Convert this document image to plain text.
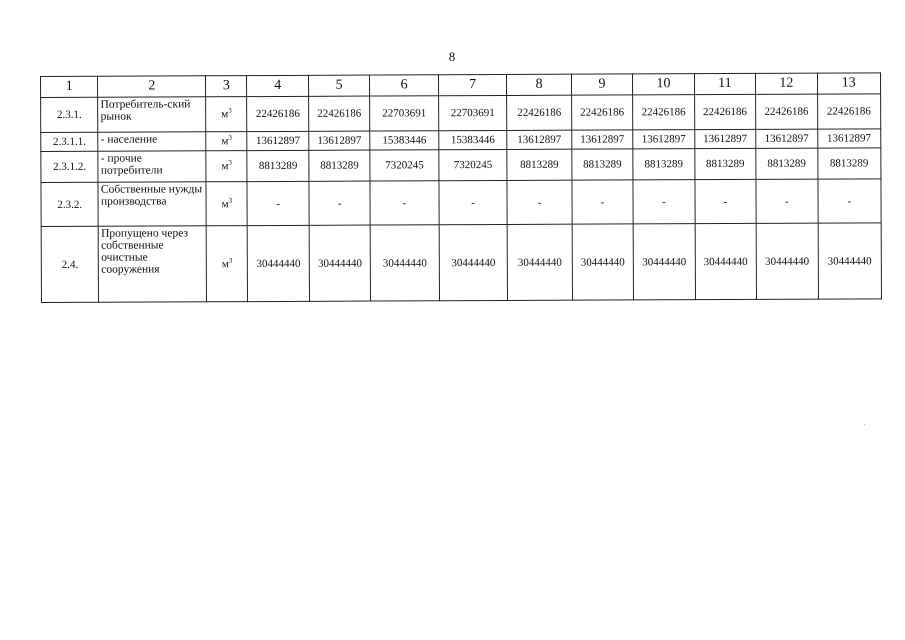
8
1	2	3	4	5	6	7	8	9	10	11	12	13
2.3.1.	Потребитель-ский рынок	$м^3$	22426186	22426186	22703691	22703691	22426186	22426186	22426186	22426186	22426186	22426186
2.3.1.1.	- население	$м^3$	13612897	13612897	15383446	15383446	13612897	13612897	13612897	13612897	13612897	13612897
2.3.1.2.	- прочие потребители	$м^3$	8813289	8813289	7320245	7320245	8813289	8813289	8813289	8813289	8813289	8813289
2.3.2.	Собственные нужды производства	$м^3$	-	-	-	-	-	-	-	-	-	-
2.4.	Пропущено через собственные очистные сооружения	$м^3$	30444440	30444440	30444440	30444440	30444440	30444440	30444440	30444440	30444440	30444440
